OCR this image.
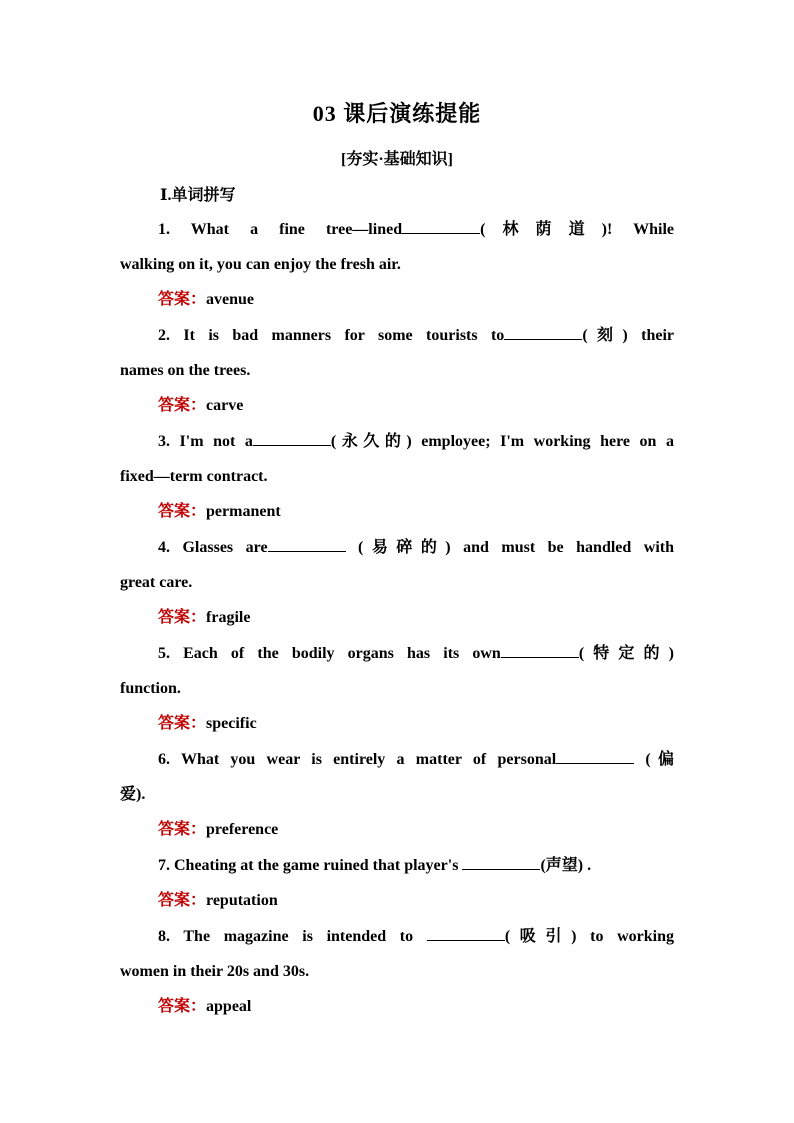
03 课后演练提能
[夯实·基础知识]
Ⅰ.单词拼写

1. What a fine tree—lined	(林荫道)! While

walking on it, you can enjoy the fresh air.

答案：avenue

2. It is bad manners for some tourists to	(刻) their

names on the trees.

答案：carve

3. I'm not a	(永久的) employee; I'm working here on a

fixed—term contract.

答案：permanent

4. Glasses are	(易碎的) and must be handled with

great care.

答案：fragile

5. Each of the bodily organs has its own	(特定的)

function.

答案：specific

6. What you wear is entirely a matter of personal	(偏

爱).

答案：preference

7. Cheating at the game ruined that player's	(声望) .

答案：reputation

8. The magazine is intended to	(吸引) to working

women in their 20s and 30s.

答案：appeal
